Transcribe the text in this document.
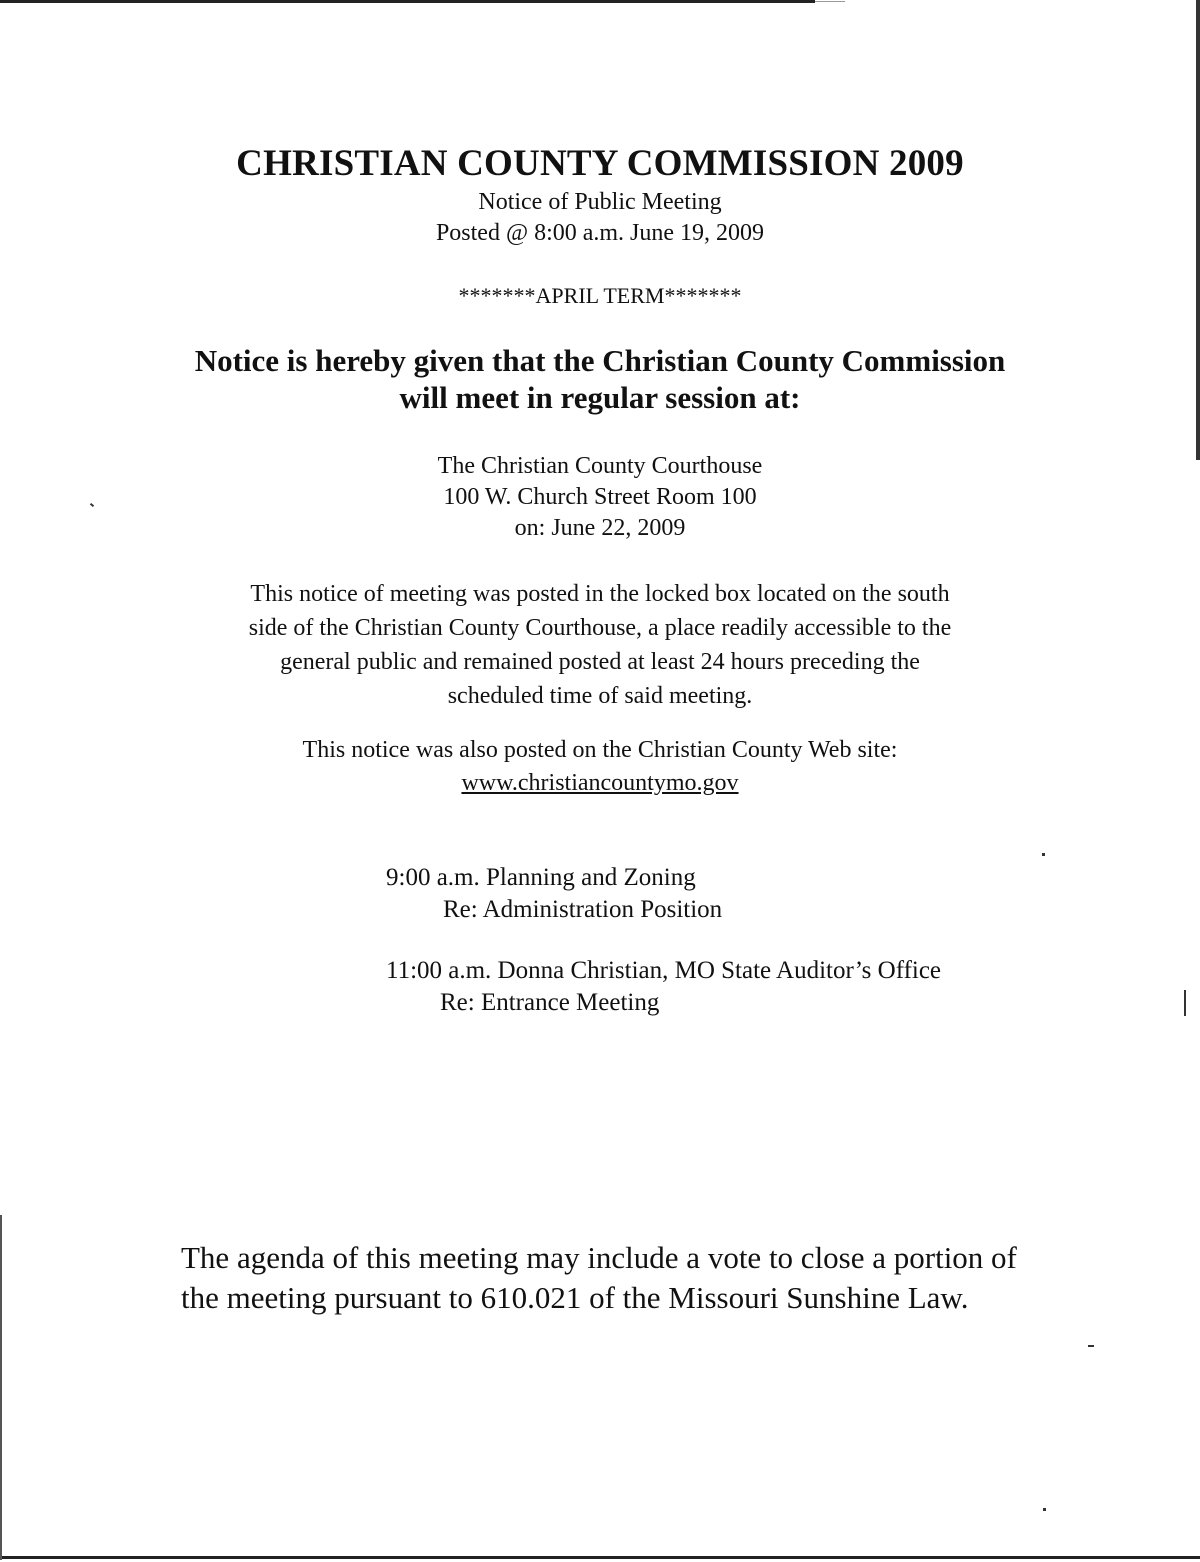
CHRISTIAN COUNTY COMMISSION 2009
Notice of Public Meeting
Posted @ 8:00 a.m. June 19, 2009
*******APRIL TERM*******
Notice is hereby given that the Christian County Commission
will meet in regular session at:
The Christian County Courthouse
100 W. Church Street Room 100
on: June 22, 2009
This notice of meeting was posted in the locked box located on the south
side of the Christian County Courthouse, a place readily accessible to the
general public and remained posted at least 24 hours preceding the
scheduled time of said meeting.
This notice was also posted on the Christian County Web site:
www.christiancountymo.gov
9:00 a.m. Planning and Zoning
Re: Administration Position
11:00 a.m. Donna Christian, MO State Auditor’s Office
Re: Entrance Meeting
The agenda of this meeting may include a vote to close a portion of
the meeting pursuant to 610.021 of the Missouri Sunshine Law.
